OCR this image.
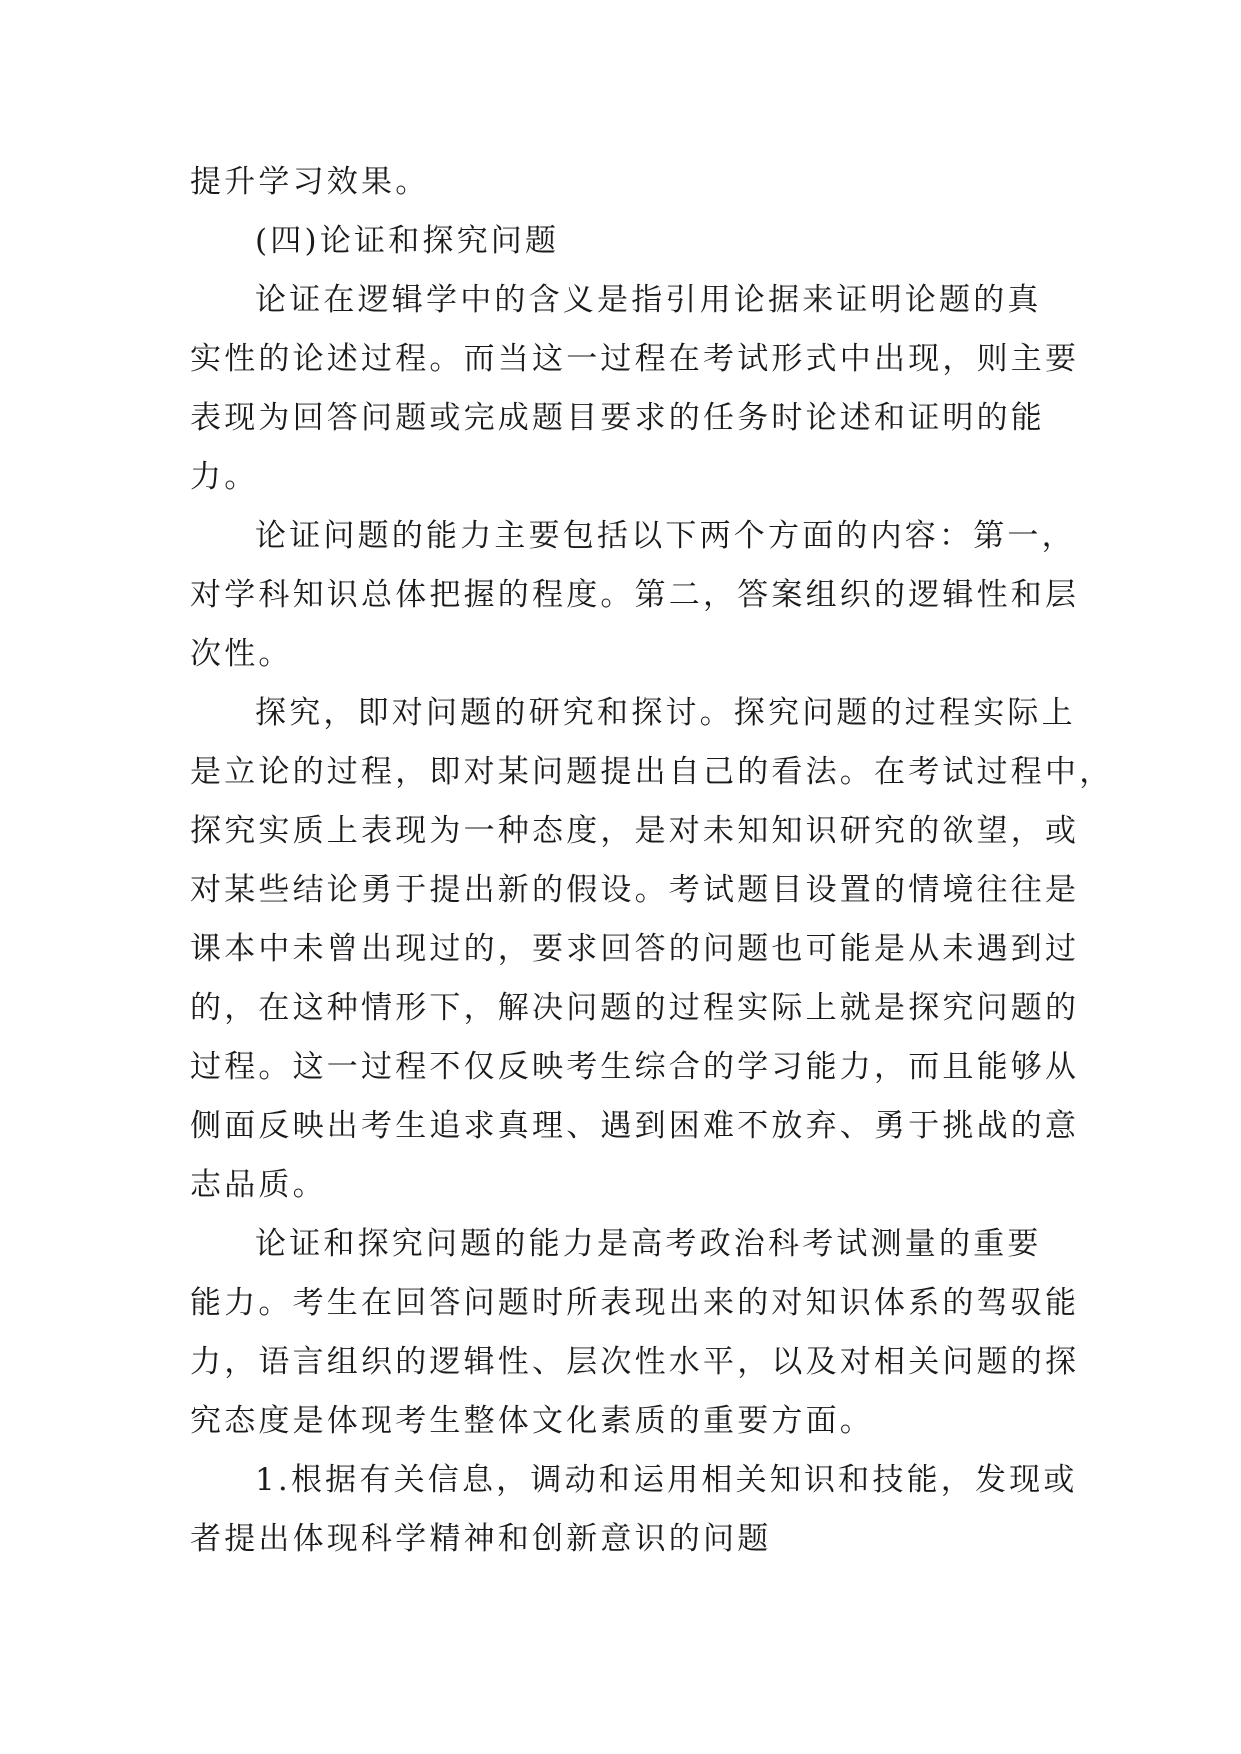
提升学习效果。
(四)论证和探究问题
论证在逻辑学中的含义是指引用论据来证明论题的真
实性的论述过程。而当这一过程在考试形式中出现，则主要
表现为回答问题或完成题目要求的任务时论述和证明的能
力。
论证问题的能力主要包括以下两个方面的内容：第一，
对学科知识总体把握的程度。第二，答案组织的逻辑性和层
次性。
探究，即对问题的研究和探讨。探究问题的过程实际上
是立论的过程，即对某问题提出自己的看法。在考试过程中，
探究实质上表现为一种态度，是对未知知识研究的欲望，或
对某些结论勇于提出新的假设。考试题目设置的情境往往是
课本中未曾出现过的，要求回答的问题也可能是从未遇到过
的，在这种情形下，解决问题的过程实际上就是探究问题的
过程。这一过程不仅反映考生综合的学习能力，而且能够从
侧面反映出考生追求真理、遇到困难不放弃、勇于挑战的意
志品质。
论证和探究问题的能力是高考政治科考试测量的重要
能力。考生在回答问题时所表现出来的对知识体系的驾驭能
力，语言组织的逻辑性、层次性水平，以及对相关问题的探
究态度是体现考生整体文化素质的重要方面。
1.根据有关信息，调动和运用相关知识和技能，发现或
者提出体现科学精神和创新意识的问题
